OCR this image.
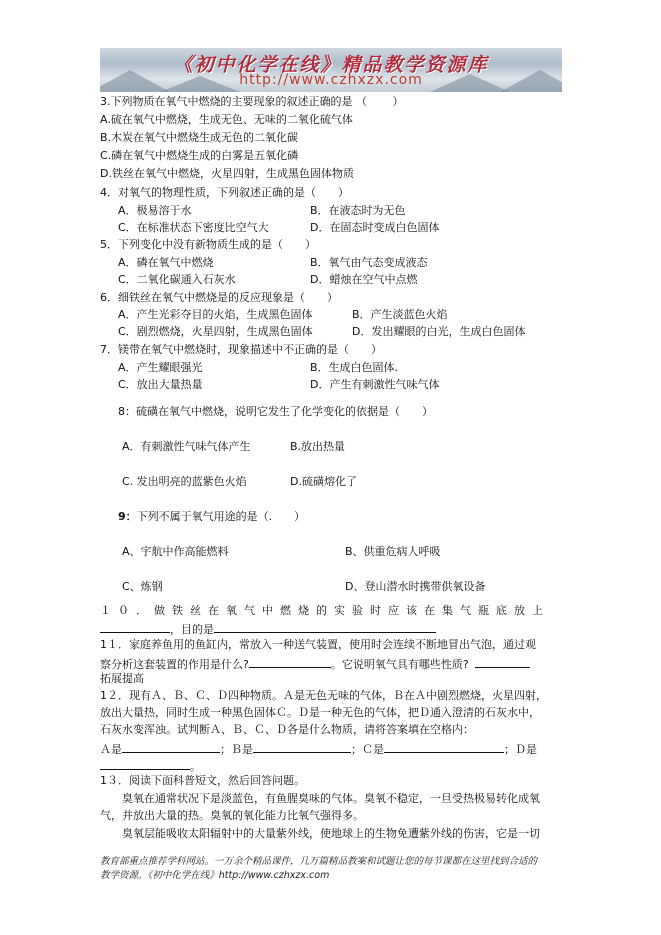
《初中化学在线》精品教学资源库
http://www.czhxzx.com
3.下列物质在氧气中燃烧的主要现象的叙述正确的是 （ 　　）
A.硫在氧气中燃烧，生成无色、无味的二氧化硫气体
B.木炭在氧气中燃烧生成无色的二氧化碳
C.磷在氧气中燃烧生成的白雾是五氧化磷
D.铁丝在氧气中燃烧，火星四射，生成黑色固体物质
4．对氧气的物理性质，下列叙述正确的是（　　）
A．极易溶于水	B．在液态时为无色
C．在标准状态下密度比空气大	D．在固态时变成白色固体
5．下列变化中没有新物质生成的是（　　）
A．磷在氧气中燃烧	B．氧气由气态变成液态
C．二氧化碳通入石灰水	D．蜡烛在空气中点燃
6．细铁丝在氧气中燃烧是的反应现象是（　　）
A．产生光彩夺目的火焰，生成黑色固体	B．产生淡蓝色火焰
C．剧烈燃烧，火星四射，生成黑色固体	D．发出耀眼的白光，生成白色固体
7．镁带在氧气中燃烧时，现象描述中不正确的是（　　）
A．产生耀眼强光	B．生成白色固体.
C．放出大量热量	D．产生有刺激性气味气体
8：硫磺在氧气中燃烧，说明它发生了化学变化的依据是（　　）
A．有刺激性气味气体产生	B.放出热量
C. 发出明亮的蓝紫色火焰	D.硫磺熔化了
9：下列不属于氧气用途的是（.　　）
A、宇航中作高能燃料	B、供重危病人呼吸
C、炼钢	D、登山潜水时携带供氧设备
１０．做铁丝在氧气中燃烧的实验时应该在集气瓶底放上
，目的是
1１．家庭养鱼用的鱼缸内，常放入一种送气装置，使用时会连续不断地冒出气泡，通过观
察分析这套装置的作用是什么?	。它说明氧气具有哪些性质?
拓展提高
1２．现有Ａ、Ｂ、Ｃ、Ｄ四种物质。Ａ是无色无味的气体，Ｂ在Ａ中剧烈燃烧，火星四射，
放出大量热，同时生成一种黑色固体Ｃ。Ｄ是一种无色的气体，把Ｄ通入澄清的石灰水中，
石灰水变浑浊。试判断Ａ、Ｂ、Ｃ、Ｄ各是什么物质，请将答案填在空格内：
Ａ是	；Ｂ是	；Ｃ是	；Ｄ是
。
1３．阅读下面科普短文，然后回答问题。
臭氧在通常状况下是淡蓝色，有鱼腥臭味的气体。臭氧不稳定，一旦受热极易转化成氧
气，并放出大量的热。臭氧的氧化能力比氧气强得多。
臭氧层能吸收太阳辐射中的大量紫外线，使地球上的生物免遭紫外线的伤害，它是一切
教育部重点推荐学科网站。一万余个精品课件，几万篇精品教案和试题让您的每节课都在这里找到合适的
教学资源。《初中化学在线》http://www.czhxzx.com
